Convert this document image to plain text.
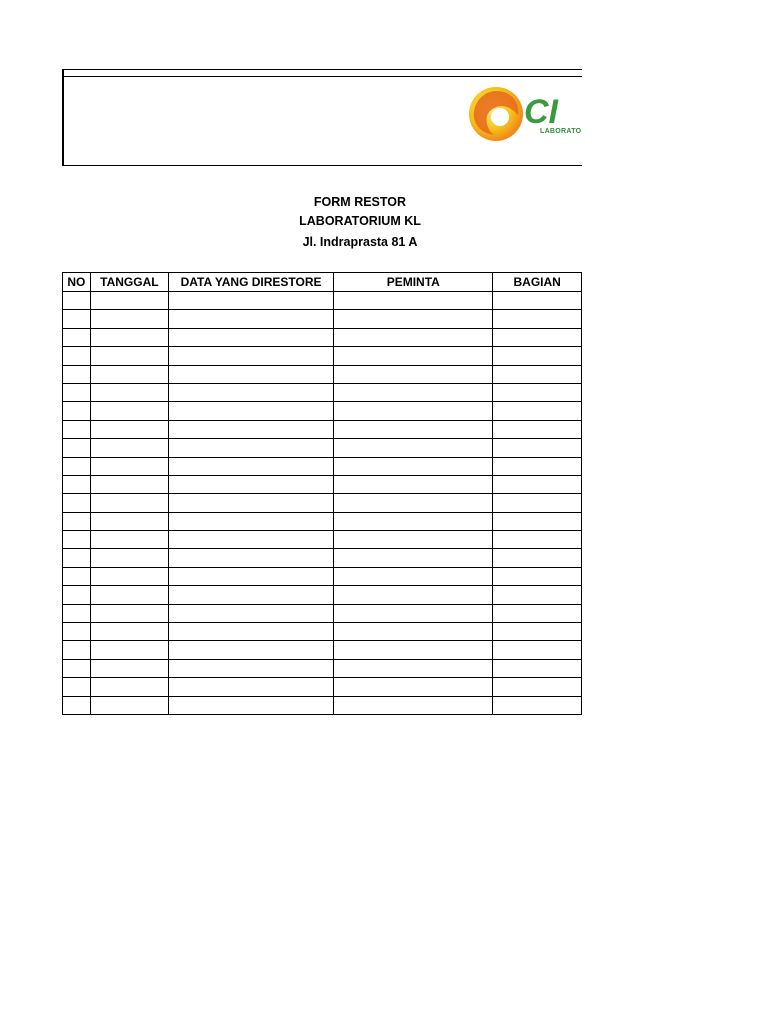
CI
LABORATO
FORM RESTOR
LABORATORIUM KL
Jl. Indraprasta 81 A
NO	TANGGAL	DATA YANG DIRESTORE	PEMINTA	BAGIAN
